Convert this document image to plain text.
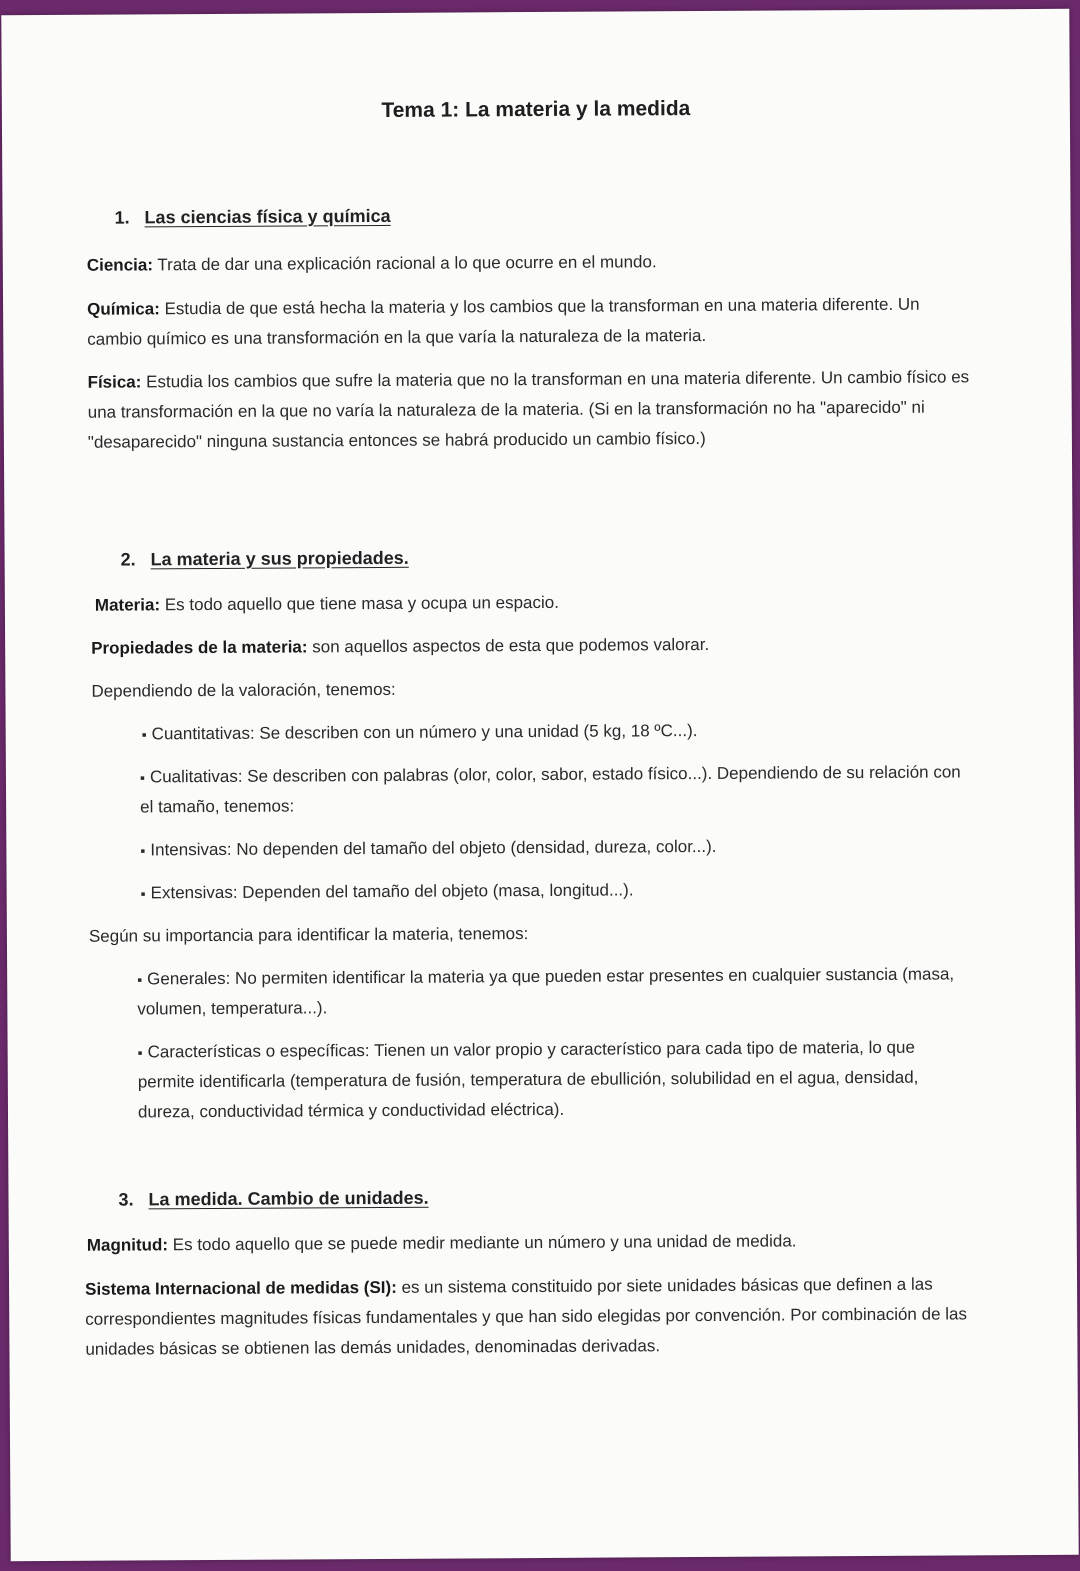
Tema 1: La materia y la medida
1. Las ciencias física y química
Ciencia: Trata de dar una explicación racional a lo que ocurre en el mundo.
Química: Estudia de que está hecha la materia y los cambios que la transforman en una materia diferente. Un cambio químico es una transformación en la que varía la naturaleza de la materia.
Física: Estudia los cambios que sufre la materia que no la transforman en una materia diferente. Un cambio físico es una transformación en la que no varía la naturaleza de la materia. (Si en la transformación no ha "aparecido" ni "desaparecido" ninguna sustancia entonces se habrá producido un cambio físico.)
2. La materia y sus propiedades.
Materia: Es todo aquello que tiene masa y ocupa un espacio.
Propiedades de la materia: son aquellos aspectos de esta que podemos valorar.
Dependiendo de la valoración, tenemos:
▪ Cuantitativas: Se describen con un número y una unidad (5 kg, 18 ºC...).
▪ Cualitativas: Se describen con palabras (olor, color, sabor, estado físico...). Dependiendo de su relación con el tamaño, tenemos:
▪ Intensivas: No dependen del tamaño del objeto (densidad, dureza, color...).
▪ Extensivas: Dependen del tamaño del objeto (masa, longitud...).
Según su importancia para identificar la materia, tenemos:
▪ Generales: No permiten identificar la materia ya que pueden estar presentes en cualquier sustancia (masa, volumen, temperatura...).
▪ Características o específicas: Tienen un valor propio y característico para cada tipo de materia, lo que permite identificarla (temperatura de fusión, temperatura de ebullición, solubilidad en el agua, densidad, dureza, conductividad térmica y conductividad eléctrica).
3. La medida. Cambio de unidades.
Magnitud: Es todo aquello que se puede medir mediante un número y una unidad de medida.
Sistema Internacional de medidas (SI): es un sistema constituido por siete unidades básicas que definen a las correspondientes magnitudes físicas fundamentales y que han sido elegidas por convención. Por combinación de las unidades básicas se obtienen las demás unidades, denominadas derivadas.
